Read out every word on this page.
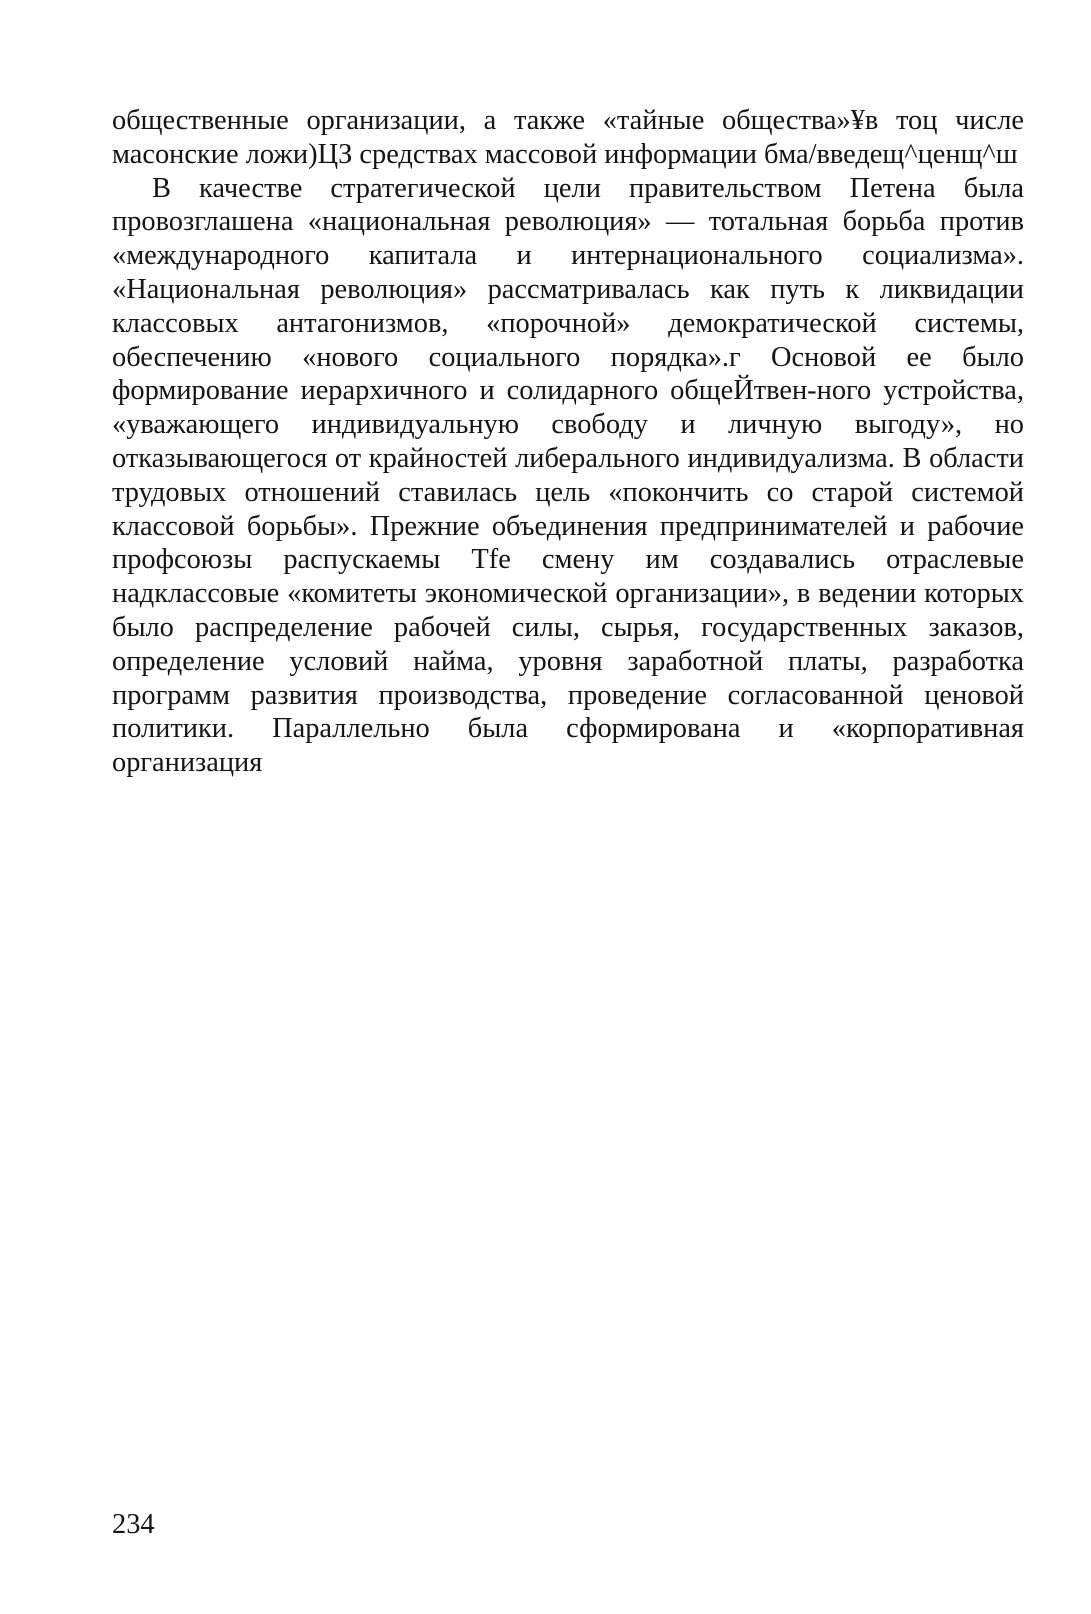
общественные организации, а также «тайные общества»¥в тоц числе масонские ложи)ЦЗ средствах массовой информации бма/введещ^ценщ^ш

В качестве стратегической цели правительством Петена была провозглашена «национальная революция» — тотальная борьба против «международного капитала и интернационального социализма». «Национальная революция» рассматривалась как путь к ликвидации классовых антагонизмов, «порочной» демократической системы, обеспечению «нового социального порядка».г Основой ее было формирование иерархичного и солидарного общеЙтвен-ного устройства, «уважающего индивидуальную свободу и личную выгоду», но отказывающегося от крайностей либерального индивидуализма. В области трудовых отношений ставилась цель «покончить со старой системой классовой борьбы». Прежние объединения предпринимателей и рабочие профсоюзы распускаемы Tfe смену им создавались отраслевые надклассовые «комитеты экономической организации», в ведении которых было распределение рабочей силы, сырья, государственных заказов, определение условий найма, уровня заработной платы, разработка программ развития производства, проведение согласованной ценовой политики. Параллельно была сформирована и «корпоративная организация

234
